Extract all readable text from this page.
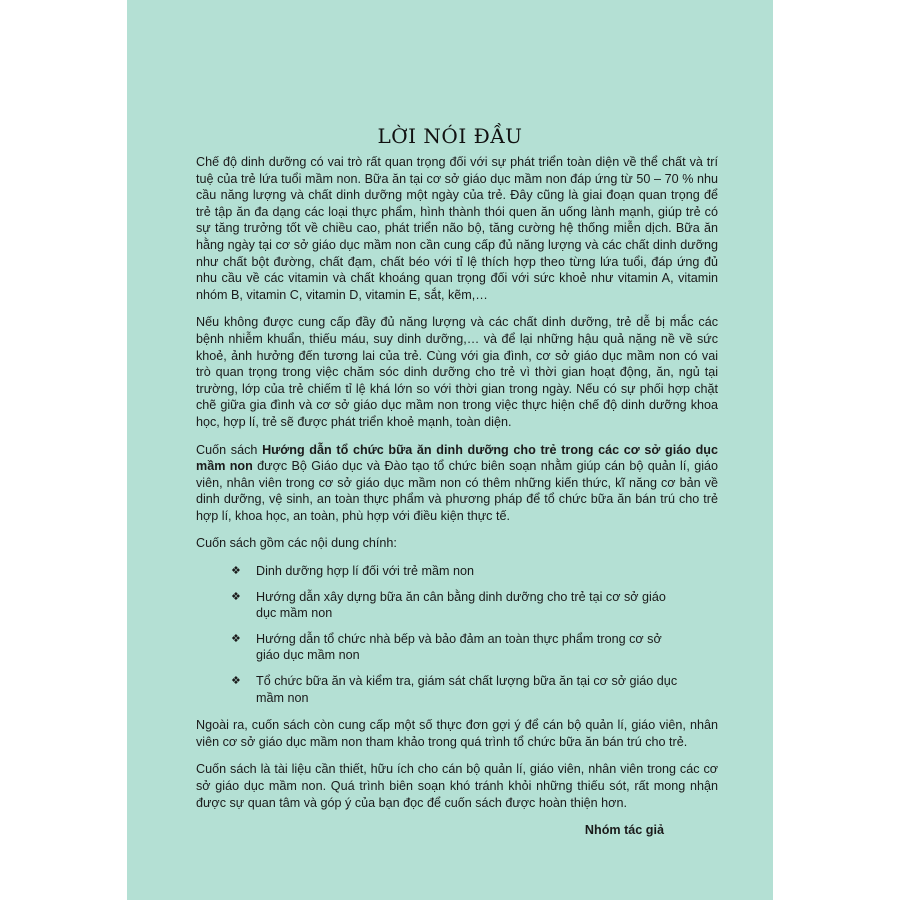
LỜI NÓI ĐẦU

Chế độ dinh dưỡng có vai trò rất quan trọng đối với sự phát triển toàn diện về thể chất và trí tuệ của trẻ lứa tuổi mầm non. Bữa ăn tại cơ sở giáo dục mầm non đáp ứng từ 50 – 70 % nhu cầu năng lượng và chất dinh dưỡng một ngày của trẻ. Đây cũng là giai đoạn quan trọng để trẻ tập ăn đa dạng các loại thực phẩm, hình thành thói quen ăn uống lành mạnh, giúp trẻ có sự tăng trưởng tốt về chiều cao, phát triển não bộ, tăng cường hệ thống miễn dịch. Bữa ăn hằng ngày tại cơ sở giáo dục mầm non cần cung cấp đủ năng lượng và các chất dinh dưỡng như chất bột đường, chất đạm, chất béo với tỉ lệ thích hợp theo từng lứa tuổi, đáp ứng đủ nhu cầu về các vitamin và chất khoáng quan trọng đối với sức khoẻ như vitamin A, vitamin nhóm B, vitamin C, vitamin D, vitamin E, sắt, kẽm,…

Nếu không được cung cấp đầy đủ năng lượng và các chất dinh dưỡng, trẻ dễ bị mắc các bệnh nhiễm khuẩn, thiếu máu, suy dinh dưỡng,… và để lại những hậu quả nặng nề về sức khoẻ, ảnh hưởng đến tương lai của trẻ. Cùng với gia đình, cơ sở giáo dục mầm non có vai trò quan trọng trong việc chăm sóc dinh dưỡng cho trẻ vì thời gian hoạt động, ăn, ngủ tại trường, lớp của trẻ chiếm tỉ lệ khá lớn so với thời gian trong ngày. Nếu có sự phối hợp chặt chẽ giữa gia đình và cơ sở giáo dục mầm non trong việc thực hiện chế độ dinh dưỡng khoa học, hợp lí, trẻ sẽ được phát triển khoẻ mạnh, toàn diện.

Cuốn sách Hướng dẫn tổ chức bữa ăn dinh dưỡng cho trẻ trong các cơ sở giáo dục mầm non được Bộ Giáo dục và Đào tạo tổ chức biên soạn nhằm giúp cán bộ quản lí, giáo viên, nhân viên trong cơ sở giáo dục mầm non có thêm những kiến thức, kĩ năng cơ bản về dinh dưỡng, vệ sinh, an toàn thực phẩm và phương pháp để tổ chức bữa ăn bán trú cho trẻ hợp lí, khoa học, an toàn, phù hợp với điều kiện thực tế.

Cuốn sách gồm các nội dung chính:

❖ Dinh dưỡng hợp lí đối với trẻ mầm non
❖ Hướng dẫn xây dựng bữa ăn cân bằng dinh dưỡng cho trẻ tại cơ sở giáo dục mầm non
❖ Hướng dẫn tổ chức nhà bếp và bảo đảm an toàn thực phẩm trong cơ sở giáo dục mầm non
❖ Tổ chức bữa ăn và kiểm tra, giám sát chất lượng bữa ăn tại cơ sở giáo dục mầm non

Ngoài ra, cuốn sách còn cung cấp một số thực đơn gợi ý để cán bộ quản lí, giáo viên, nhân viên cơ sở giáo dục mầm non tham khảo trong quá trình tổ chức bữa ăn bán trú cho trẻ.

Cuốn sách là tài liệu cần thiết, hữu ích cho cán bộ quản lí, giáo viên, nhân viên trong các cơ sở giáo dục mầm non. Quá trình biên soạn khó tránh khỏi những thiếu sót, rất mong nhận được sự quan tâm và góp ý của bạn đọc để cuốn sách được hoàn thiện hơn.

Nhóm tác giả
